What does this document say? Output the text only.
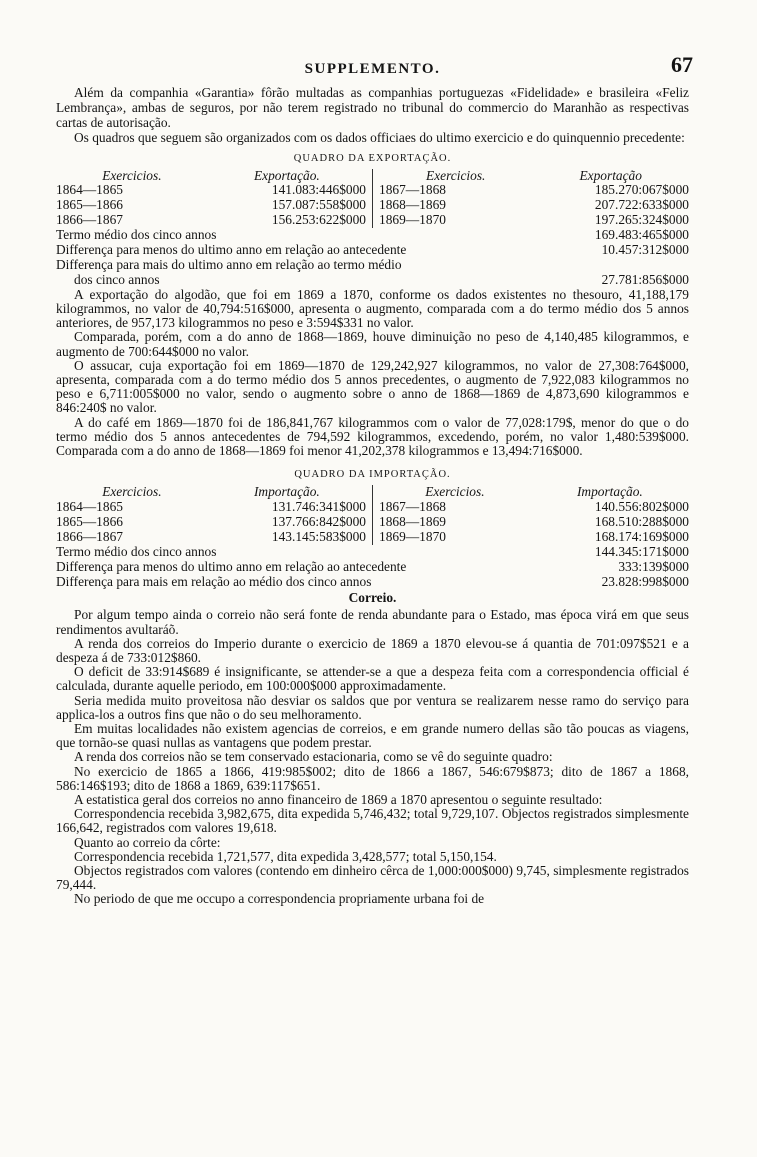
SUPPLEMENTO.	67

Além da companhia «Garantia» fôrão multadas as companhias portuguezas «Fidelidade» e brasileira «Feliz Lembrança», ambas de seguros, por não terem registrado no tribunal do commercio do Maranhão as respectivas cartas de autorisação.

Os quadros que seguem são organizados com os dados officiaes do ultimo exercicio e do quinquennio precedente:

QUADRO DA EXPORTAÇÃO.
Exercicios.	Exportação.
1864—1865	141.083:446$000
1865—1866	157.087:558$000
1866—1867	156.253:622$000
Exercicios.	Exportação
1867—1868	185.270:067$000
1868—1869	207.722:633$000
1869—1870	197.265:324$000
Termo médio dos cinco annos	169.483:465$000
Differença para menos do ultimo anno em relação ao antecedente	10.457:312$000
Differença para mais do ultimo anno em relação ao termo médio
dos cinco annos	27.781:856$000

A exportação do algodão, que foi em 1869 a 1870, conforme os dados existentes no thesouro, 41,188,179 kilogrammos, no valor de 40,794:516$000, apresenta o augmento, comparada com a do termo médio dos 5 annos anteriores, de 957,173 kilogrammos no peso e 3:594$331 no valor.

Comparada, porém, com a do anno de 1868—1869, houve diminuição no peso de 4,140,485 kilogrammos, e augmento de 700:644$000 no valor.

O assucar, cuja exportação foi em 1869—1870 de 129,242,927 kilogrammos, no valor de 27,308:764$000, apresenta, comparada com a do termo médio dos 5 annos precedentes, o augmento de 7,922,083 kilogrammos no peso e 6,711:005$000 no valor, sendo o augmento sobre o anno de 1868—1869 de 4,873,690 kilogrammos e 846:240$ no valor.

A do café em 1869—1870 foi de 186,841,767 kilogrammos com o valor de 77,028:179$, menor do que o do termo médio dos 5 annos antecedentes de 794,592 kilogrammos, excedendo, porém, no valor 1,480:539$000. Comparada com a do anno de 1868—1869 foi menor 41,202,378 kilogrammos e 13,494:716$000.

QUADRO DA IMPORTAÇÃO.
Exercicios.	Importação.
1864—1865	131.746:341$000
1865—1866	137.766:842$000
1866—1867	143.145:583$000
Exercicios.	Importação.
1867—1868	140.556:802$000
1868—1869	168.510:288$000
1869—1870	168.174:169$000
Termo médio dos cinco annos	144.345:171$000
Differença para menos do ultimo anno em relação ao antecedente	333:139$000
Differença para mais em relação ao médio dos cinco annos	23.828:998$000
Correio.

Por algum tempo ainda o correio não será fonte de renda abundante para o Estado, mas época virá em que seus rendimentos avultaráõ.

A renda dos correios do Imperio durante o exercicio de 1869 a 1870 elevou-se á quantia de 701:097$521 e a despeza á de 733:012$860.

O deficit de 33:914$689 é insignificante, se attender-se a que a despeza feita com a correspondencia official é calculada, durante aquelle periodo, em 100:000$000 approximadamente.

Seria medida muito proveitosa não desviar os saldos que por ventura se realizarem nesse ramo do serviço para applica-los a outros fins que não o do seu melhoramento.

Em muitas localidades não existem agencias de correios, e em grande numero dellas são tão poucas as viagens, que tornão-se quasi nullas as vantagens que podem prestar.

A renda dos correios não se tem conservado estacionaria, como se vê do seguinte quadro:

No exercicio de 1865 a 1866, 419:985$002; dito de 1866 a 1867, 546:679$873; dito de 1867 a 1868, 586:146$193; dito de 1868 a 1869, 639:117$651.

A estatistica geral dos correios no anno financeiro de 1869 a 1870 apresentou o seguinte resultado:

Correspondencia recebida 3,982,675, dita expedida 5,746,432; total 9,729,107. Objectos registrados simplesmente 166,642, registrados com valores 19,618.

Quanto ao correio da côrte:

Correspondencia recebida 1,721,577, dita expedida 3,428,577; total 5,150,154.

Objectos registrados com valores (contendo em dinheiro cêrca de 1,000:000$000) 9,745, simplesmente registrados 79,444.

No periodo de que me occupo a correspondencia propriamente urbana foi de
